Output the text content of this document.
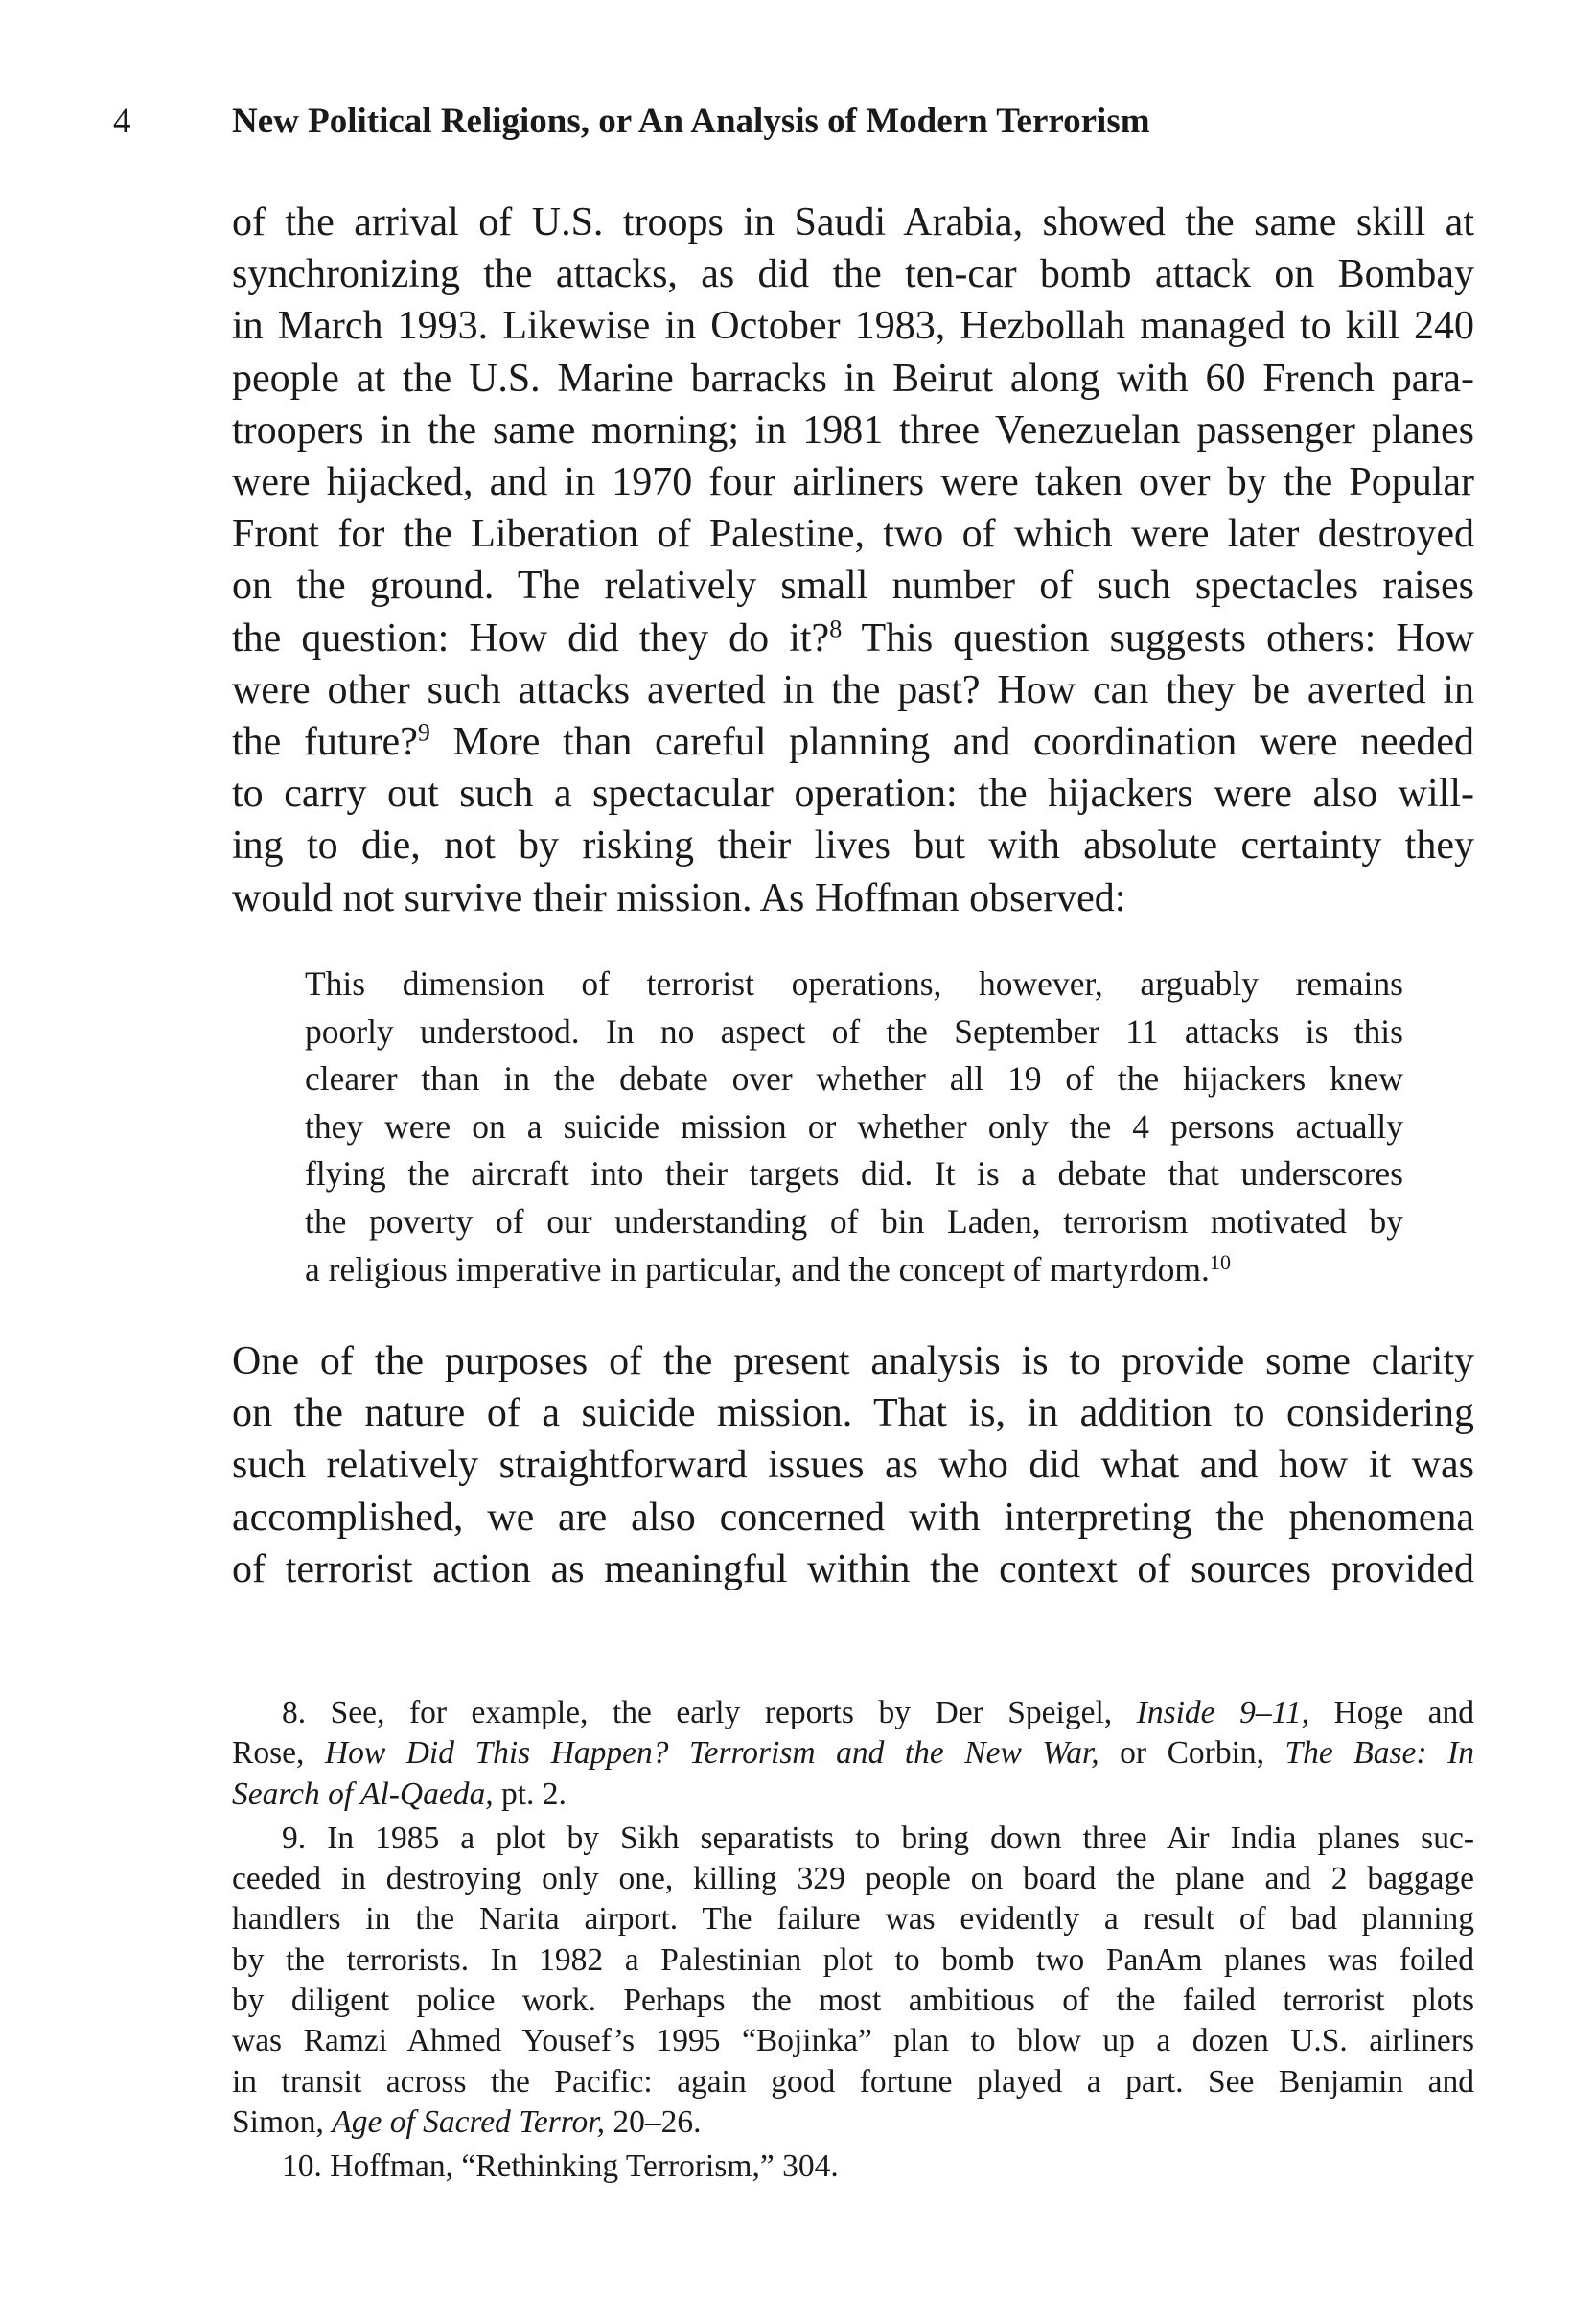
4	New Political Religions, or An Analysis of Modern Terrorism
of the arrival of U.S. troops in Saudi Arabia, showed the same skill at
synchronizing the attacks, as did the ten-car bomb attack on Bombay
in March 1993. Likewise in October 1983, Hezbollah managed to kill 240
people at the U.S. Marine barracks in Beirut along with 60 French para-
troopers in the same morning; in 1981 three Venezuelan passenger planes
were hijacked, and in 1970 four airliners were taken over by the Popular
Front for the Liberation of Palestine, two of which were later destroyed
on the ground. The relatively small number of such spectacles raises
the question: How did they do it?$^8$ This question suggests others: How
were other such attacks averted in the past? How can they be averted in
the future?$^9$ More than careful planning and coordination were needed
to carry out such a spectacular operation: the hijackers were also will-
ing to die, not by risking their lives but with absolute certainty they
would not survive their mission. As Hoffman observed:
This dimension of terrorist operations, however, arguably remains
poorly understood. In no aspect of the September 11 attacks is this
clearer than in the debate over whether all 19 of the hijackers knew
they were on a suicide mission or whether only the 4 persons actually
flying the aircraft into their targets did. It is a debate that underscores
the poverty of our understanding of bin Laden, terrorism motivated by
a religious imperative in particular, and the concept of martyrdom.$^{10}$
One of the purposes of the present analysis is to provide some clarity
on the nature of a suicide mission. That is, in addition to considering
such relatively straightforward issues as who did what and how it was
accomplished, we are also concerned with interpreting the phenomena
of terrorist action as meaningful within the context of sources provided
8. See, for example, the early reports by Der Speigel, Inside 9–11, Hoge and
Rose, How Did This Happen? Terrorism and the New War, or Corbin, The Base: In
Search of Al-Qaeda, pt. 2.
9. In 1985 a plot by Sikh separatists to bring down three Air India planes suc-
ceeded in destroying only one, killing 329 people on board the plane and 2 baggage
handlers in the Narita airport. The failure was evidently a result of bad planning
by the terrorists. In 1982 a Palestinian plot to bomb two PanAm planes was foiled
by diligent police work. Perhaps the most ambitious of the failed terrorist plots
was Ramzi Ahmed Yousef’s 1995 “Bojinka” plan to blow up a dozen U.S. airliners
in transit across the Pacific: again good fortune played a part. See Benjamin and
Simon, Age of Sacred Terror, 20–26.
10. Hoffman, “Rethinking Terrorism,” 304.
